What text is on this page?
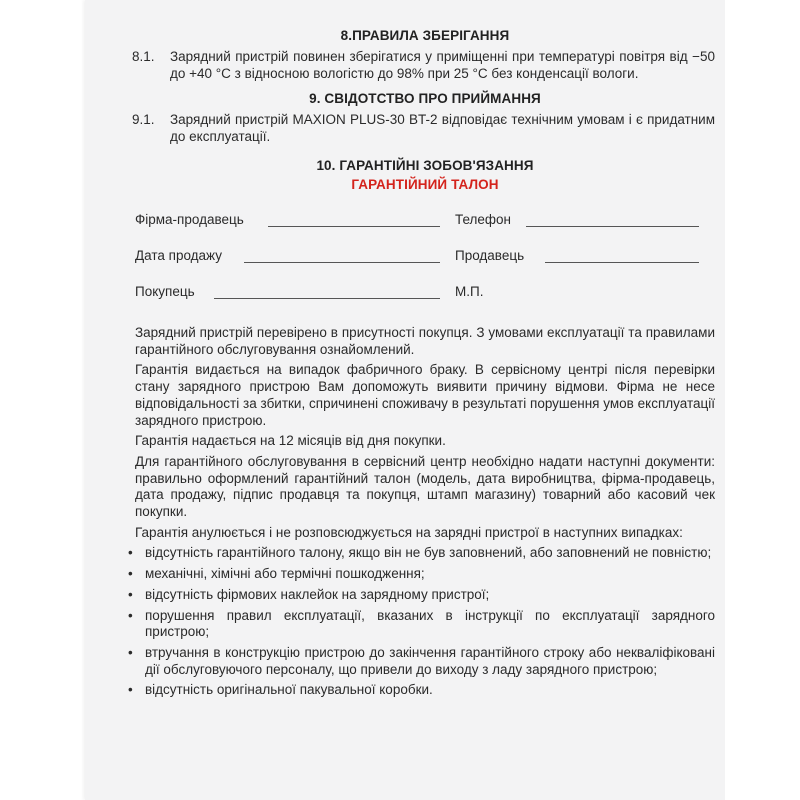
8.ПРАВИЛА ЗБЕРІГАННЯ

8.1.	Зарядний пристрій повинен зберігатися у приміщенні при температурі повітря від −50 до +40 °С з відносною вологістю до 98% при 25 °С без конденсації вологи.

9. СВІДОТСТВО ПРО ПРИЙМАННЯ

9.1.	Зарядний пристрій MAXION PLUS-30 BT-2 відповідає технічним умовам і є придатним до експлуатації.

10. ГАРАНТІЙНІ ЗОБОВ'ЯЗАННЯ

ГАРАНТІЙНИЙ ТАЛОН

Фірма-продавець	Телефон
Дата продажу	Продавець
Покупець	М.П.

Зарядний пристрій перевірено в присутності покупця. З умовами експлуатації та правилами гарантійного обслуговування ознайомлений.

Гарантія видається на випадок фабричного браку. В сервісному центрі після перевірки стану зарядного пристрою Вам допоможуть виявити причину відмови. Фірма не несе відповідальності за збитки, спричинені споживачу в результаті порушення умов експлуатації зарядного пристрою.

Гарантія надається на 12 місяців від дня покупки.

Для гарантійного обслуговування в сервісний центр необхідно надати наступні документи: правильно оформлений гарантійний талон (модель, дата виробництва, фірма-продавець, дата продажу, підпис продавця та покупця, штамп магазину) товарний або касовий чек покупки.

Гарантія анулюється і не розповсюджується на зарядні пристрої в наступних випадках:

• відсутність гарантійного талону, якщо він не був заповнений, або заповнений не повністю;
• механічні, хімічні або термічні пошкодження;
• відсутність фірмових наклейок на зарядному пристрої;
• порушення правил експлуатації, вказаних в інструкції по експлуатації зарядного пристрою;
• втручання в конструкцію пристрою до закінчення гарантійного строку або некваліфіковані дії обслуговуючого персоналу, що привели до виходу з ладу зарядного пристрою;
• відсутність оригінальної пакувальної коробки.
